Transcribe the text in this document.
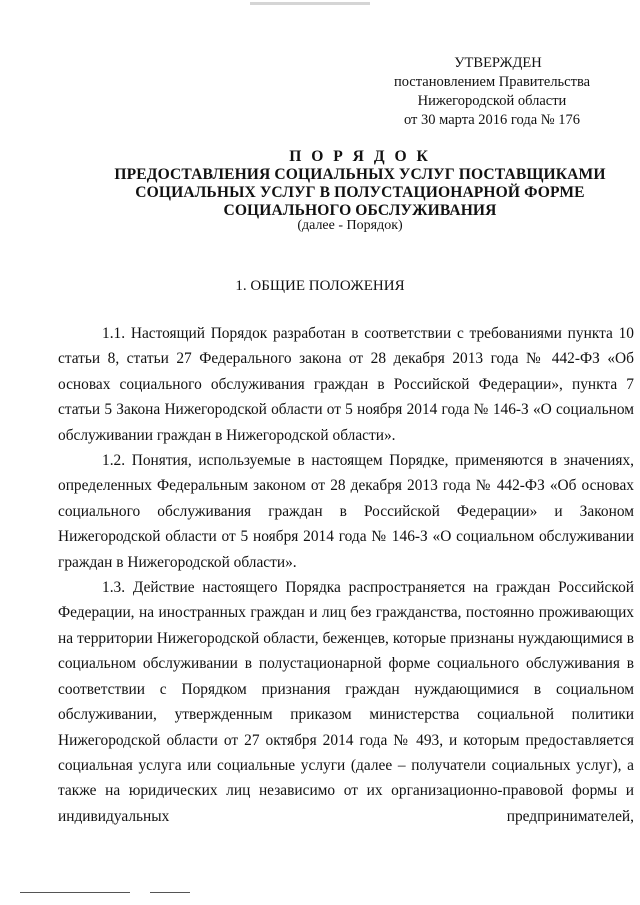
УТВЕРЖДЕН
постановлением Правительства
Нижегородской области
от 30 марта 2016 года № 176
П О Р Я Д О К
ПРЕДОСТАВЛЕНИЯ СОЦИАЛЬНЫХ УСЛУГ ПОСТАВЩИКАМИ
СОЦИАЛЬНЫХ УСЛУГ В ПОЛУСТАЦИОНАРНОЙ ФОРМЕ
СОЦИАЛЬНОГО ОБСЛУЖИВАНИЯ
(далее - Порядок)
1. ОБЩИЕ ПОЛОЖЕНИЯ

1.1. Настоящий Порядок разработан в соответствии с требованиями пункта 10 статьи 8, статьи 27 Федерального закона от 28 декабря 2013 года № 442-ФЗ «Об основах социального обслуживания граждан в Российской Федерации», пункта 7 статьи 5 Закона Нижегородской области от 5 ноября 2014 года № 146-З «О социальном обслуживании граждан в Нижегородской области».

1.2. Понятия, используемые в настоящем Порядке, применяются в значениях, определенных Федеральным законом от 28 декабря 2013 года № 442-ФЗ «Об основах социального обслуживания граждан в Российской Федерации» и Законом Нижегородской области от 5 ноября 2014 года № 146-З «О социальном обслуживании граждан в Нижегородской области».

1.3. Действие настоящего Порядка распространяется на граждан Российской Федерации, на иностранных граждан и лиц без гражданства, постоянно проживающих на территории Нижегородской области, беженцев, которые признаны нуждающимися в социальном обслуживании в полустационарной форме социального обслуживания в соответствии с Порядком признания граждан нуждающимися в социальном обслуживании, утвержденным приказом министерства социальной политики Нижегородской области от 27 октября 2014 года № 493, и которым предоставляется социальная услуга или социальные услуги (далее – получатели социальных услуг), а также на юридических лиц независимо от их организационно-правовой формы и индивидуальных предпринимателей,
